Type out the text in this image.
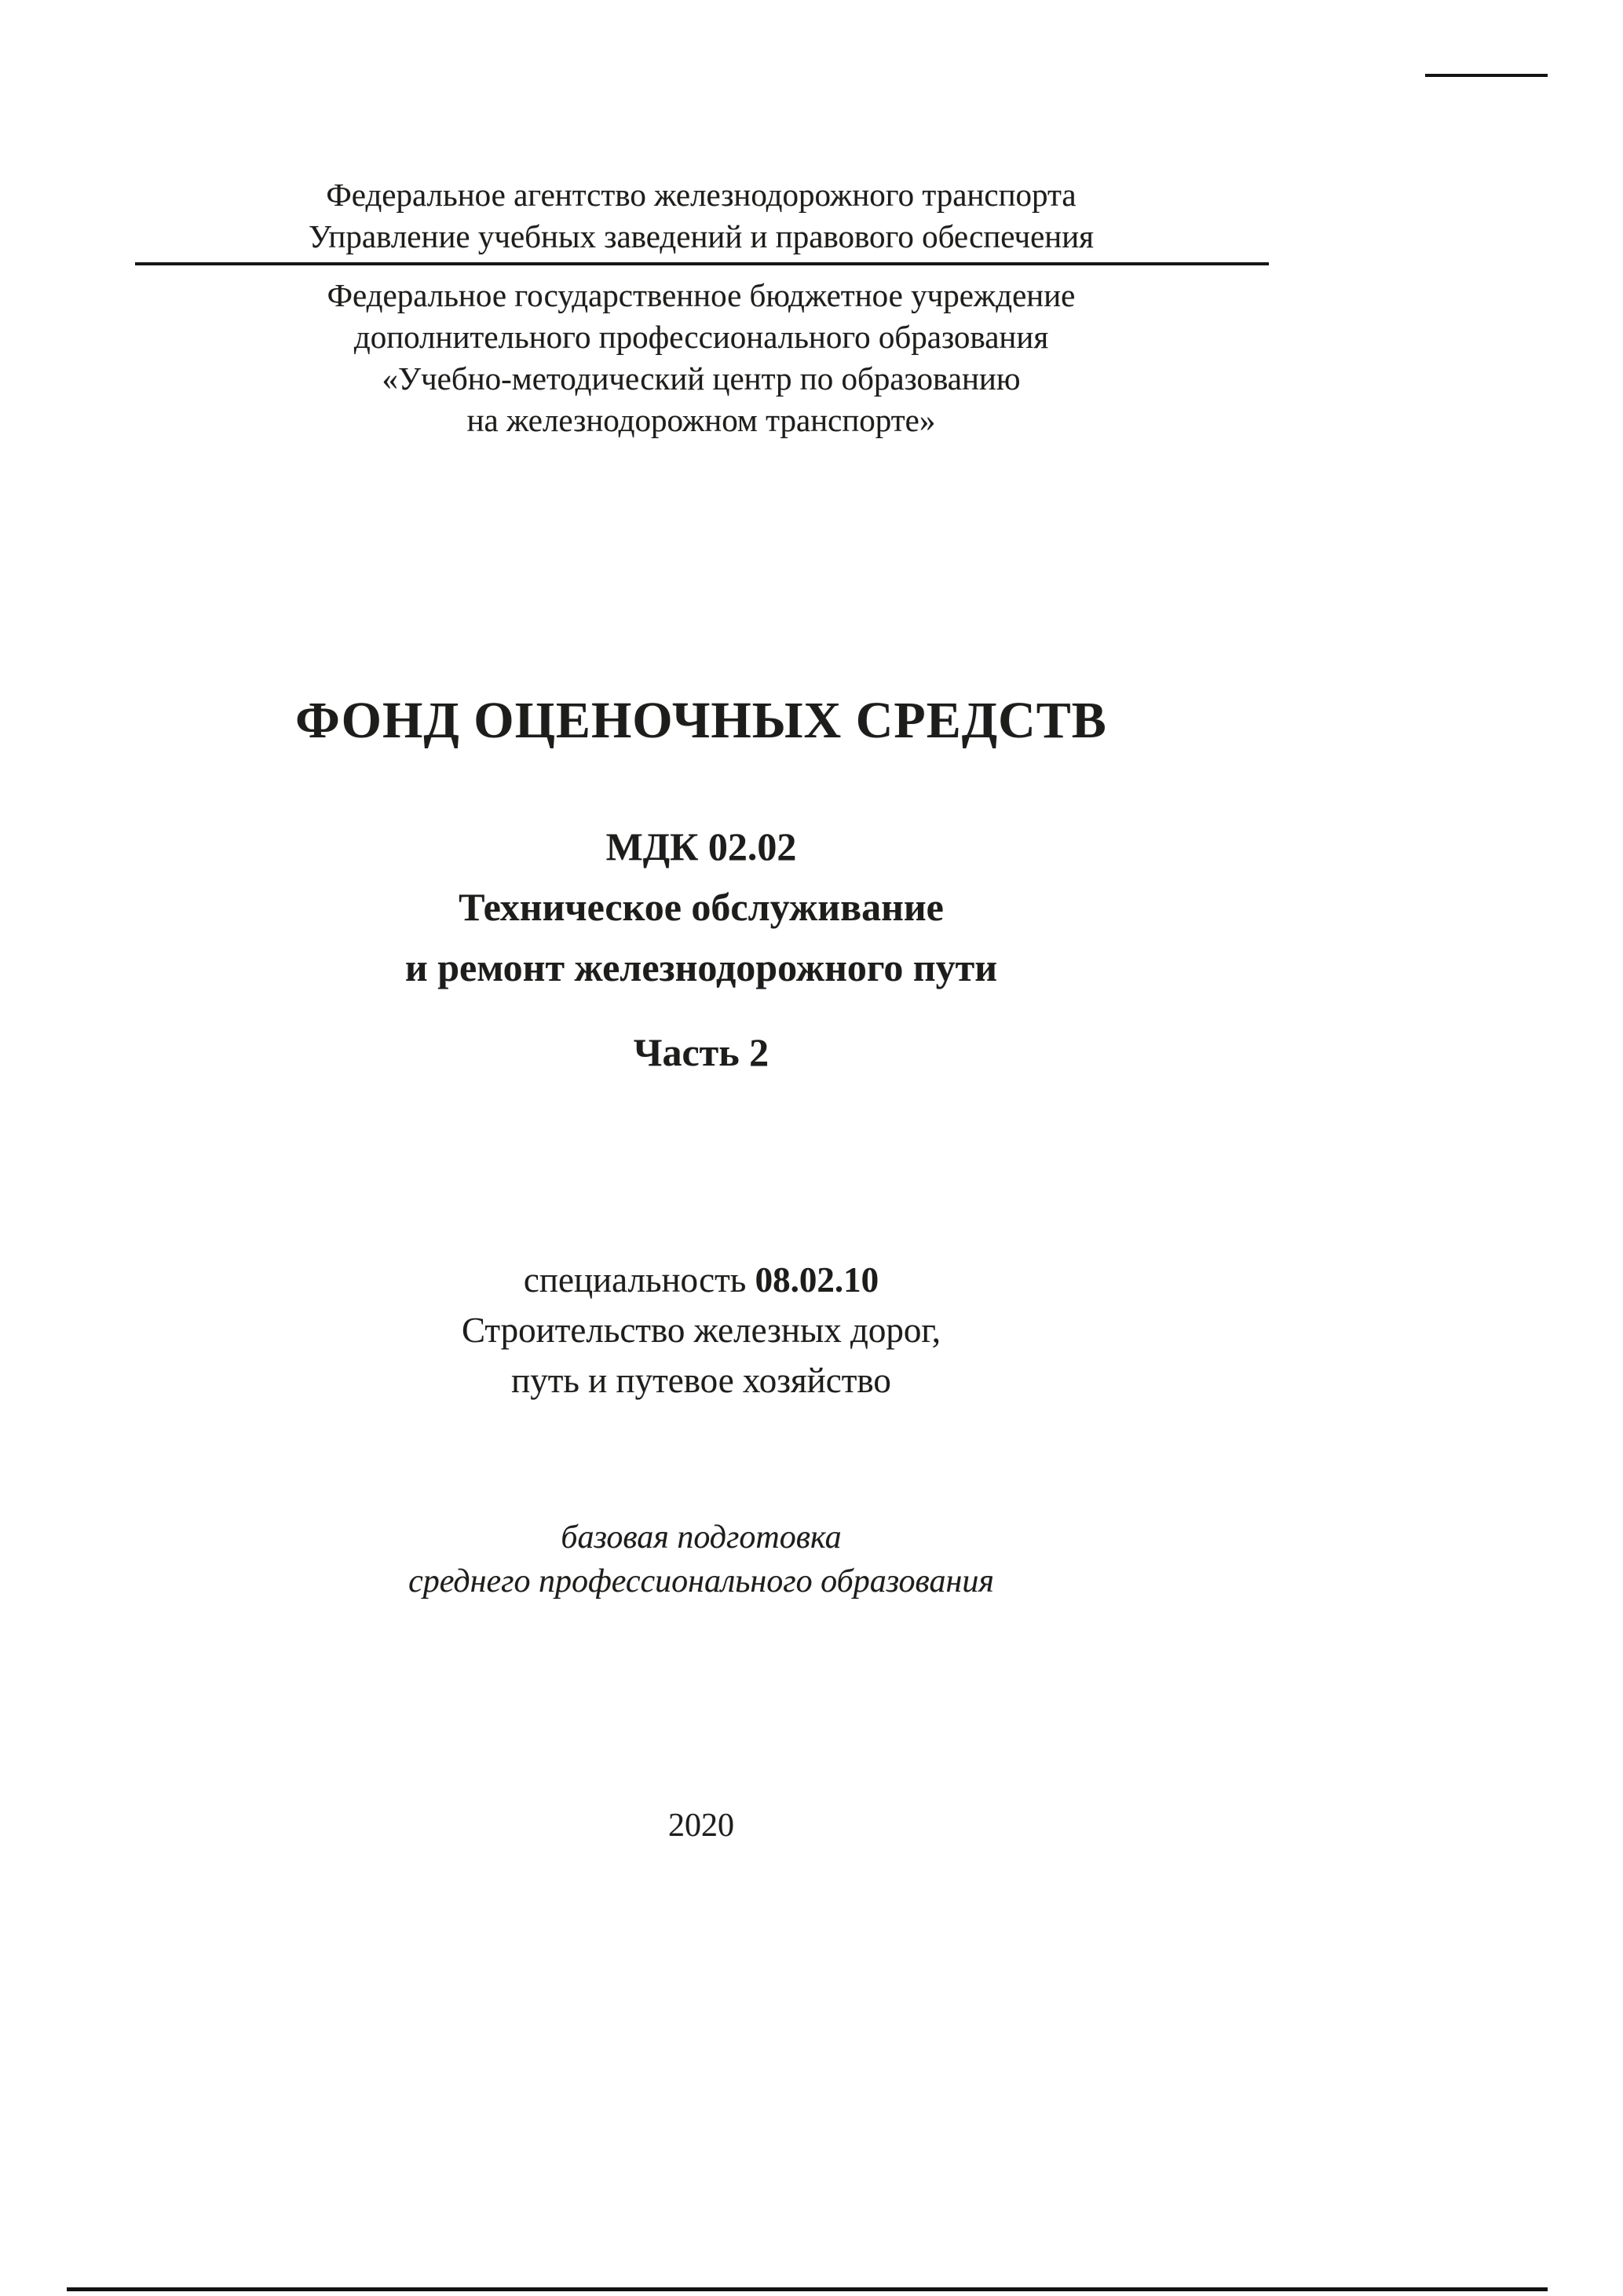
Федеральное агентство железнодорожного транспорта
Управление учебных заведений и правового обеспечения
Федеральное государственное бюджетное учреждение
дополнительного профессионального образования
«Учебно-методический центр по образованию
на железнодорожном транспорте»
ФОНД ОЦЕНОЧНЫХ СРЕДСТВ
МДК 02.02
Техническое обслуживание
и ремонт железнодорожного пути
Часть 2
специальность 08.02.10
Строительство железных дорог,
путь и путевое хозяйство
базовая подготовка
среднего профессионального образования
2020
